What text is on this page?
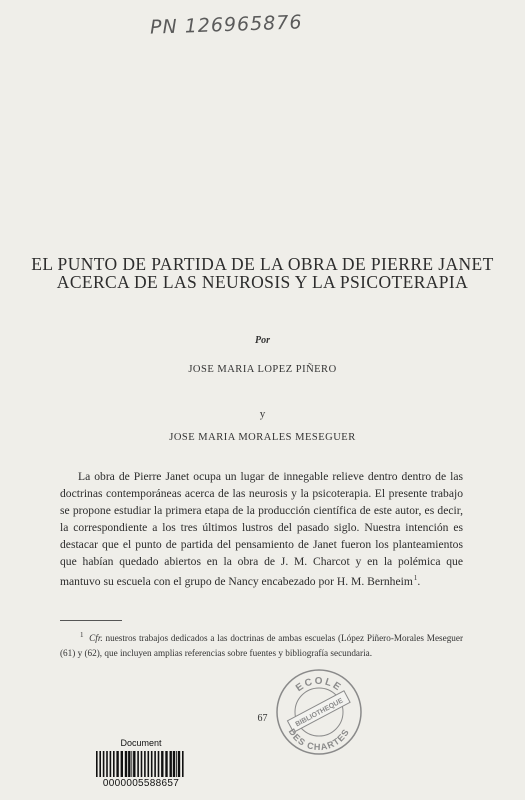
PN 126965876
EL PUNTO DE PARTIDA DE LA OBRA DE PIERRE JANET ACERCA DE LAS NEUROSIS Y LA PSICOTERAPIA
Por
JOSE MARIA LOPEZ PIÑERO
y
JOSE MARIA MORALES MESEGUER
La obra de Pierre Janet ocupa un lugar de innegable relieve dentro dentro de las doctrinas contemporáneas acerca de las neurosis y la psicoterapia. El presente trabajo se propone estudiar la primera etapa de la producción científica de este autor, es decir, la correspondiente a los tres últimos lustros del pasado siglo. Nuestra intención es destacar que el punto de partida del pensamiento de Janet fueron los planteamientos que habían quedado abiertos en la obra de J. M. Charcot y en la polémica que mantuvo su escuela con el grupo de Nancy encabezado por H. M. Bernheim $^1$.
$^1$ Cfr. nuestros trabajos dedicados a las doctrinas de ambas escuelas (López Piñero-Morales Meseguer (61) y (62), que incluyen amplias referencias sobre fuentes y bibliografía secundaria.
67
ECOLE
BIBLIOTHEQUE
DES CHARTES
Document
0000005588657
